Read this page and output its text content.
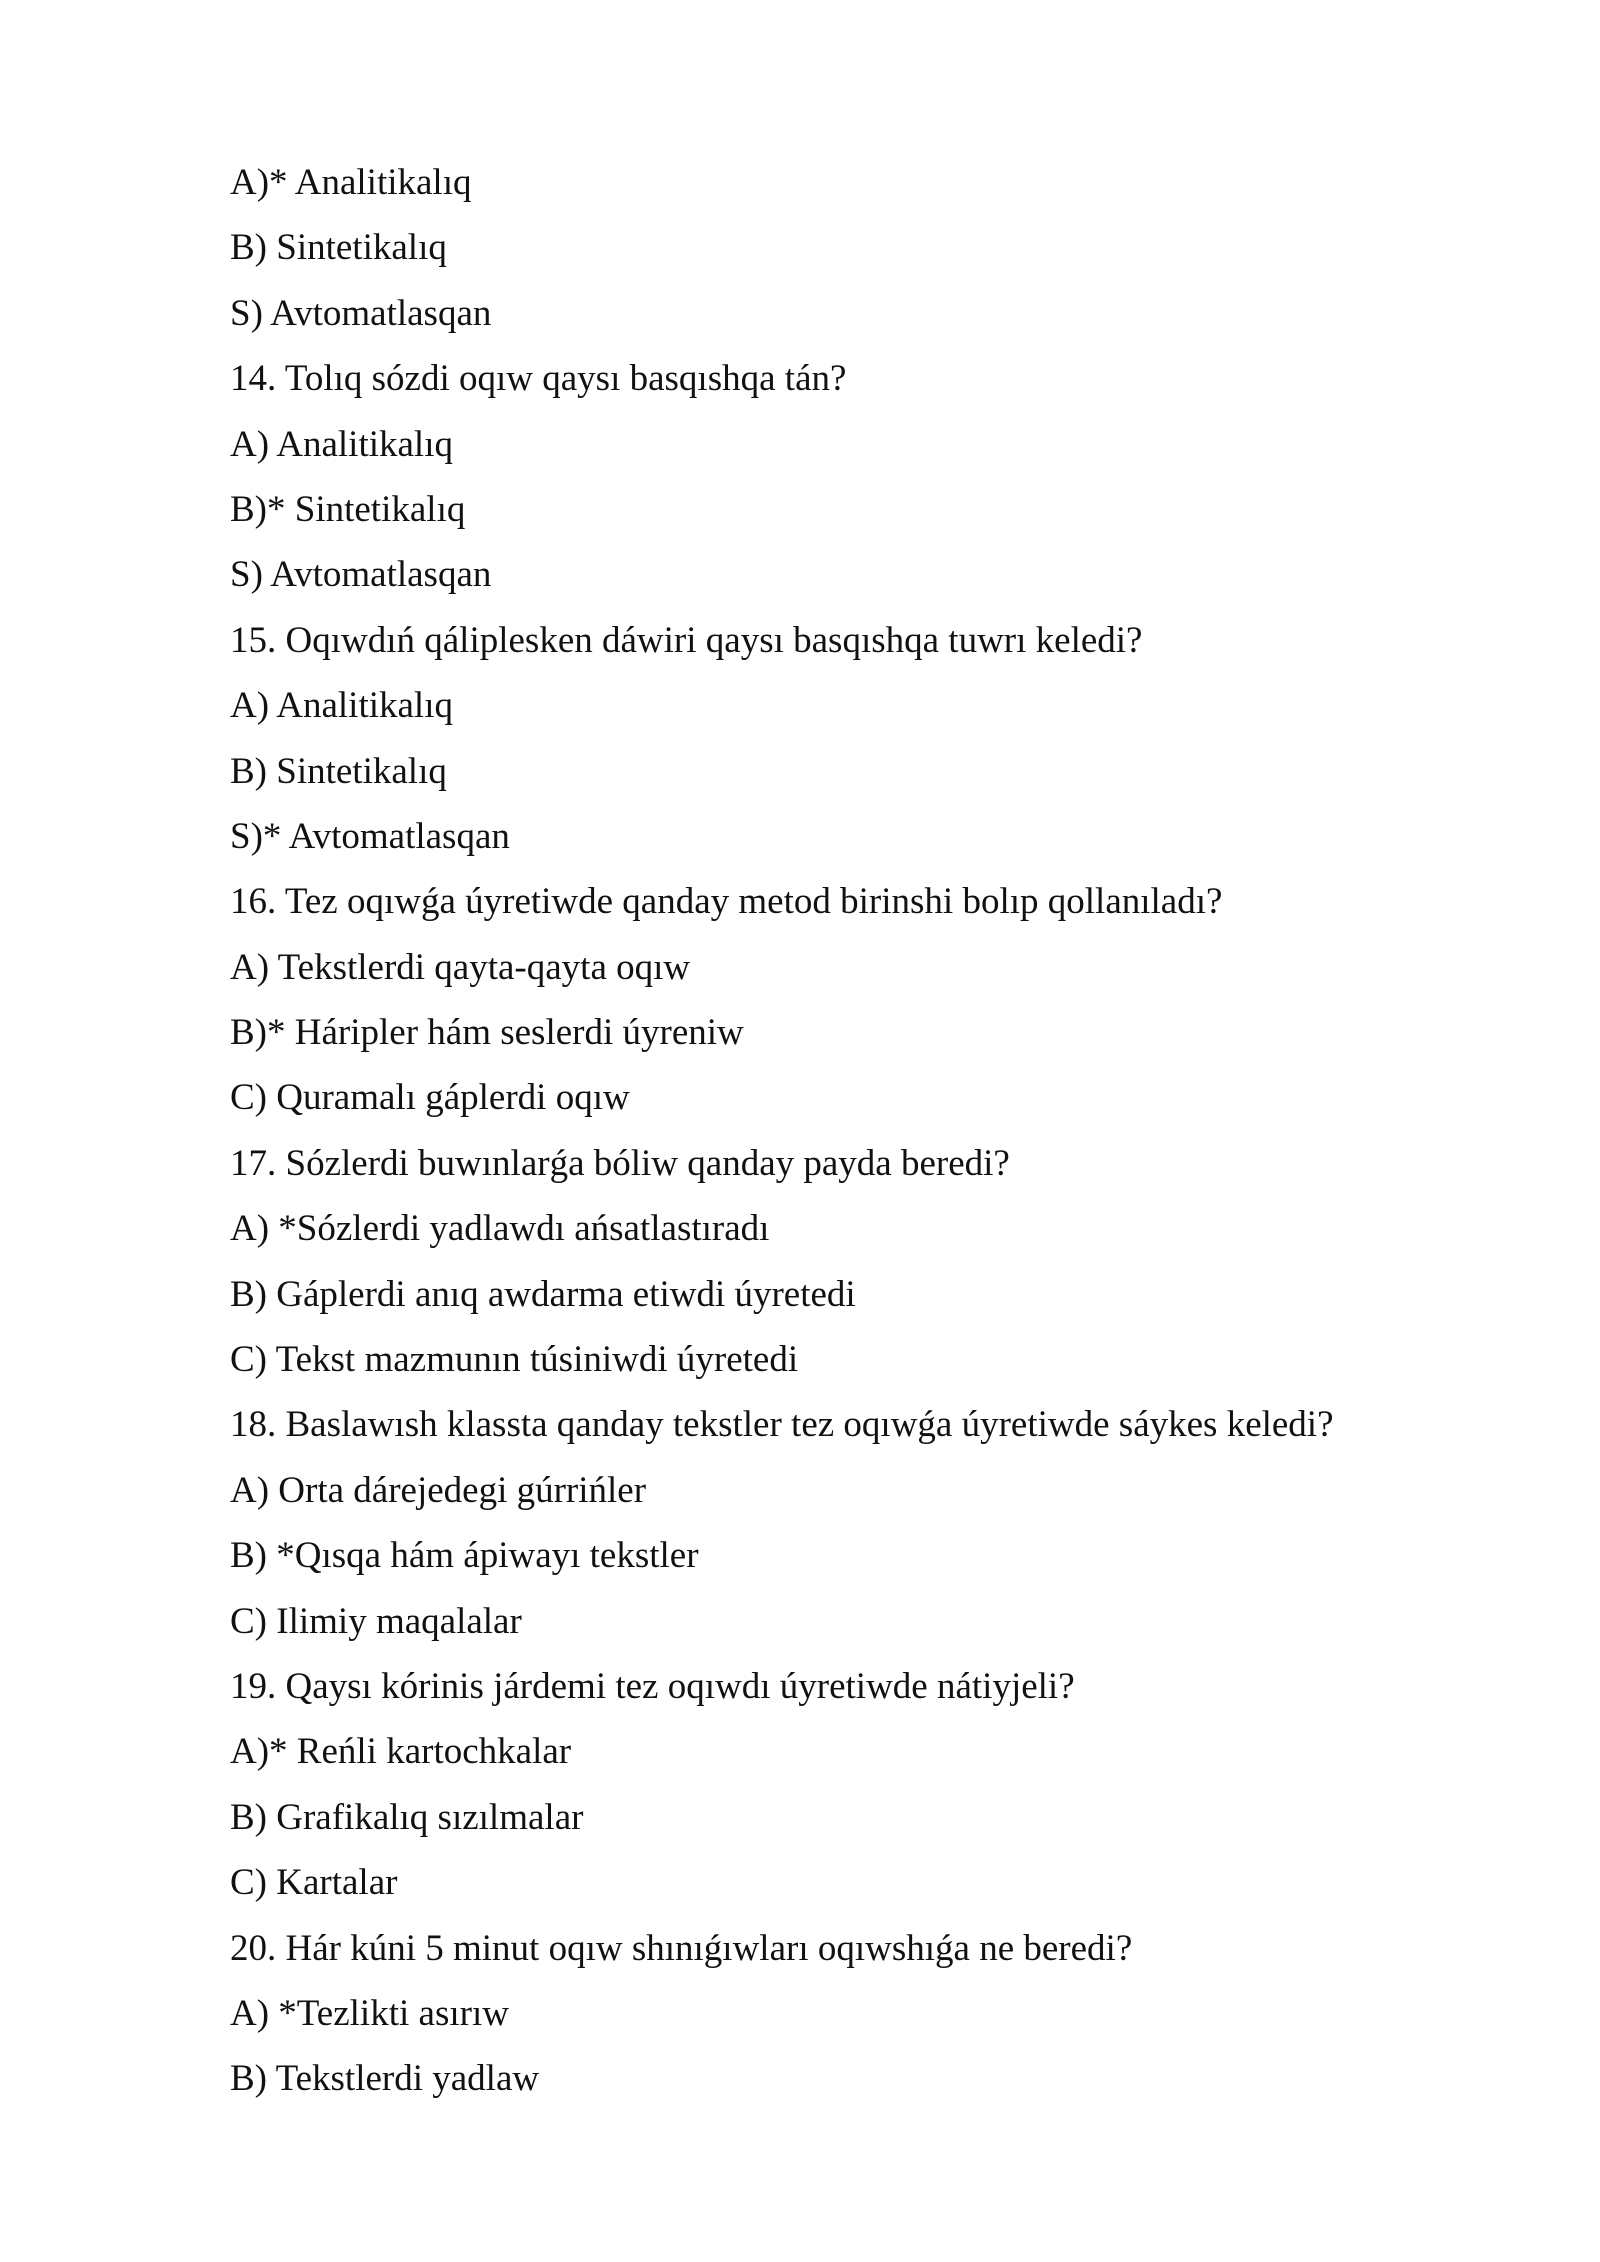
A)* Analitikalıq
B) Sintetikalıq
S) Avtomatlasqan
14. Tolıq sózdi oqıw qaysı basqıshqa tán?
A) Analitikalıq
B)* Sintetikalıq
S) Avtomatlasqan
15. Oqıwdıń qáliplesken dáwiri qaysı basqıshqa tuwrı keledi?
A) Analitikalıq
B) Sintetikalıq
S)* Avtomatlasqan
16. Tez oqıwǵa úyretiwde qanday metod birinshi bolıp qollanıladı?
A) Tekstlerdi qayta-qayta oqıw
B)* Háripler hám seslerdi úyreniw
C) Quramalı gáplerdi oqıw
17. Sózlerdi buwınlarǵa bóliw qanday payda beredi?
A) *Sózlerdi yadlawdı ańsatlastıradı
B) Gáplerdi anıq awdarma etiwdi úyretedi
C) Tekst mazmunın túsiniwdi úyretedi
18. Baslawısh klassta qanday tekstler tez oqıwǵa úyretiwde sáykes keledi?
A) Orta dárejedegi gúrrińler
B) *Qısqa hám ápiwayı tekstler
C) Ilimiy maqalalar
19. Qaysı kórinis járdemi tez oqıwdı úyretiwde nátiyjeli?
A)* Reńli kartochkalar
B) Grafikalıq sızılmalar
C) Kartalar
20. Hár kúni 5 minut oqıw shınıǵıwları oqıwshıǵa ne beredi?
A) *Tezlikti asırıw
B) Tekstlerdi yadlaw
